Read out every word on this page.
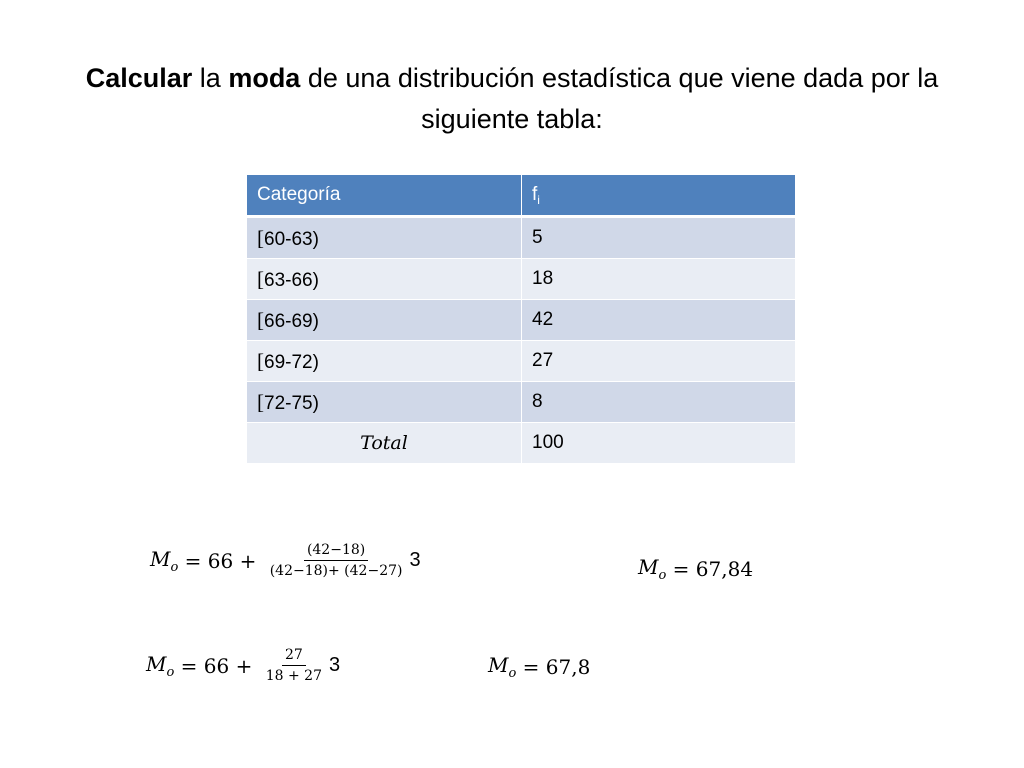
Calcular la moda de una distribución estadística que viene dada por la siguiente tabla:
Categoría	$f_i$
[60-63)	5
[63-66)	18
[66-69)	42
[69-72)	27
[72-75)	8
Total	100
$M_o = 66 + \frac{(42-18)}{(42-18)+ (42-27)} 3$	$M_o = 67,84$
$M_o = 66 + \frac{27}{18 + 27} 3$	$M_o = 67,8$
